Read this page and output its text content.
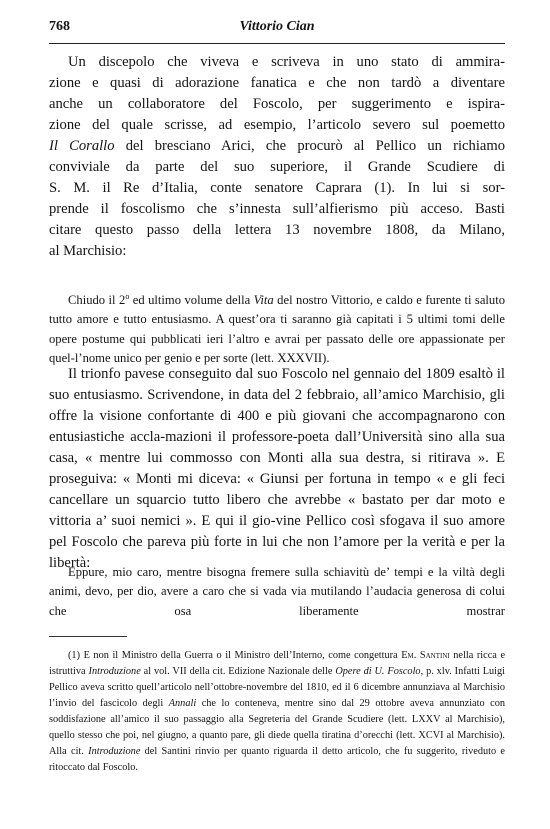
Vittorio Cian
768
Un discepolo che viveva e scriveva in uno stato di ammira-
zione e quasi di adorazione fanatica e che non tardò a diventare
anche un collaboratore del Foscolo, per suggerimento e ispira-
zione del quale scrisse, ad esempio, l’articolo severo sul poemetto
Il Corallo del bresciano Arici, che procurò al Pellico un richiamo
conviviale da parte del suo superiore, il Grande Scudiere di
S. M. il Re d’Italia, conte senatore Caprara (1). In lui si sor-
prende il foscolismo che s’innesta sull’alfierismo più acceso. Basti
citare questo passo della lettera 13 novembre 1808, da Milano,
al Marchisio:

Chiudo il 2$^o$ ed ultimo volume della Vita del nostro Vittorio, e caldo e furente ti saluto tutto amore e tutto entusiasmo. A quest’ora ti saranno già capitati i 5 ultimi tomi delle opere postume qui pubblicati ieri l’altro e avrai per passato delle ore appassionate per quel-l’nome unico per genio e per sorte (lett. XXXVII).

Il trionfo pavese conseguito dal suo Foscolo nel gennaio del 1809 esaltò il suo entusiasmo. Scrivendone, in data del 2 febbraio, all’amico Marchisio, gli offre la visione confortante di 400 e più giovani che accompagnarono con entusiastiche accla-mazioni il professore-poeta dall’Università sino alla sua casa, « mentre lui commosso con Monti alla sua destra, si ritirava ». E proseguiva: « Monti mi diceva: « Giunsi per fortuna in tempo « e gli feci cancellare un squarcio tutto libero che avrebbe « bastato per dar moto e vittoria a’ suoi nemici ». E qui il gio-vine Pellico così sfogava il suo amore pel Foscolo che pareva più forte in lui che non l’amore per la verità e per la libertà:

Eppure, mio caro, mentre bisogna fremere sulla schiavitù de’ tempi e la viltà degli animi, devo, per dio, avere a caro che si vada via mutilando l’audacia generosa di colui che osa liberamente mostrar

(1) E non il Ministro della Guerra o il Ministro dell’Interno, come congettura Em. Santini nella ricca e istruttiva Introduzione al vol. VII della cit. Edizione Nazionale delle Opere di U. Foscolo, p. xlv. Infatti Luigi Pellico aveva scritto quell’articolo nell’ottobre-novembre del 1810, ed il 6 dicembre annunziava al Marchisio l’invio del fascicolo degli Annali che lo conteneva, mentre sino dal 29 ottobre aveva annunziato con soddisfazione all’amico il suo passaggio alla Segreteria del Grande Scudiere (lett. LXXV al Marchisio), quello stesso che poi, nel giugno, a quanto pare, gli diede quella tiratina d’orecchi (lett. XCVI al Marchisio). Alla cit. Introduzione del Santini rinvio per quanto riguarda il detto articolo, che fu suggerito, riveduto e ritoccato dal Foscolo.
